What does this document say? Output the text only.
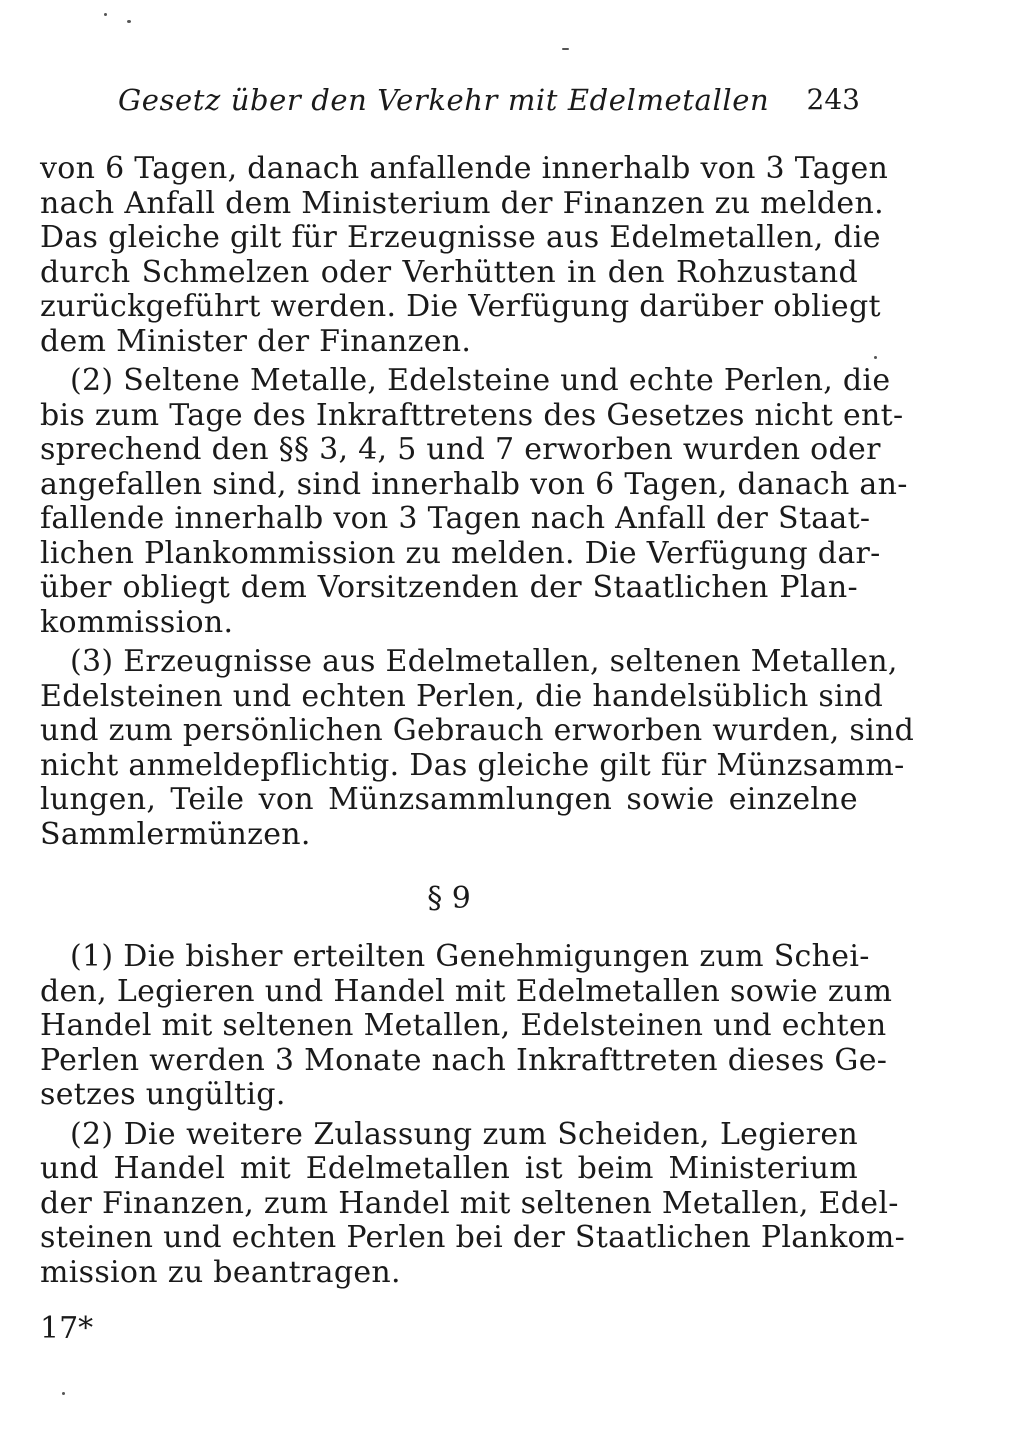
Gesetz über den Verkehr mit Edelmetallen 243
von 6 Tagen, danach anfallende innerhalb von 3 Tagen
nach Anfall dem Ministerium der Finanzen zu melden.
Das gleiche gilt für Erzeugnisse aus Edelmetallen, die
durch Schmelzen oder Verhütten in den Rohzustand
zurückgeführt werden. Die Verfügung darüber obliegt
dem Minister der Finanzen.
(2) Seltene Metalle, Edelsteine und echte Perlen, die
bis zum Tage des Inkrafttretens des Gesetzes nicht ent-
sprechend den §§ 3, 4, 5 und 7 erworben wurden oder
angefallen sind, sind innerhalb von 6 Tagen, danach an-
fallende innerhalb von 3 Tagen nach Anfall der Staat-
lichen Plankommission zu melden. Die Verfügung dar-
über obliegt dem Vorsitzenden der Staatlichen Plan-
kommission.
(3) Erzeugnisse aus Edelmetallen, seltenen Metallen,
Edelsteinen und echten Perlen, die handelsüblich sind
und zum persönlichen Gebrauch erworben wurden, sind
nicht anmeldepflichtig. Das gleiche gilt für Münzsamm-
lungen, Teile von Münzsammlungen sowie einzelne
Sammlermünzen.
§ 9
(1) Die bisher erteilten Genehmigungen zum Schei-
den, Legieren und Handel mit Edelmetallen sowie zum
Handel mit seltenen Metallen, Edelsteinen und echten
Perlen werden 3 Monate nach Inkrafttreten dieses Ge-
setzes ungültig.
(2) Die weitere Zulassung zum Scheiden, Legieren
und Handel mit Edelmetallen ist beim Ministerium
der Finanzen, zum Handel mit seltenen Metallen, Edel-
steinen und echten Perlen bei der Staatlichen Plankom-
mission zu beantragen.
17*
